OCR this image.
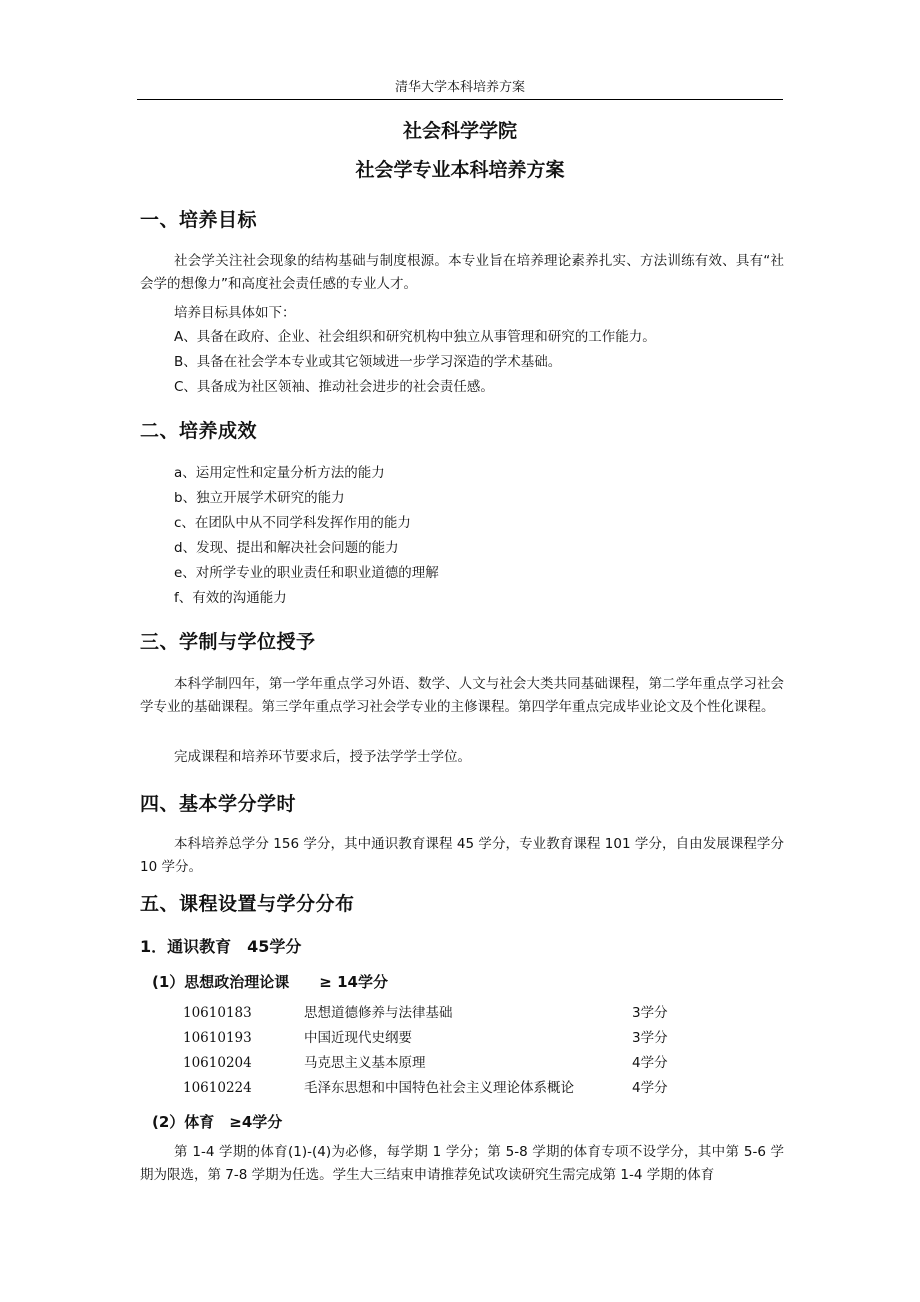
清华大学本科培养方案
社会科学学院
社会学专业本科培养方案
一、培养目标

社会学关注社会现象的结构基础与制度根源。本专业旨在培养理论素养扎实、方法训练有效、具有“社会学的想像力”和高度社会责任感的专业人才。

培养目标具体如下：
A、具备在政府、企业、社会组织和研究机构中独立从事管理和研究的工作能力。
B、具备在社会学本专业或其它领域进一步学习深造的学术基础。
C、具备成为社区领袖、推动社会进步的社会责任感。
二、培养成效
a、运用定性和定量分析方法的能力
b、独立开展学术研究的能力
c、在团队中从不同学科发挥作用的能力
d、发现、提出和解决社会问题的能力
e、对所学专业的职业责任和职业道德的理解
f、有效的沟通能力
三、学制与学位授予

本科学制四年，第一学年重点学习外语、数学、人文与社会大类共同基础课程，第二学年重点学习社会学专业的基础课程。第三学年重点学习社会学专业的主修课程。第四学年重点完成毕业论文及个性化课程。

完成课程和培养环节要求后，授予法学学士学位。

四、基本学分学时

本科培养总学分 156 学分，其中通识教育课程 45 学分，专业教育课程 101 学分，自由发展课程学分 10 学分。

五、课程设置与学分分布
1．通识教育　45学分
(1）思想政治理论课　　≥ 14学分
10610183	思想道德修养与法律基础	3学分
10610193	中国近现代史纲要	3学分
10610204	马克思主义基本原理	4学分
10610224	毛泽东思想和中国特色社会主义理论体系概论	4学分
(2）体育　≥4学分

第 1-4 学期的体育(1)-(4)为必修，每学期 1 学分；第 5-8 学期的体育专项不设学分，其中第 5-6 学期为限选，第 7-8 学期为任选。学生大三结束申请推荐免试攻读研究生需完成第 1-4 学期的体育
